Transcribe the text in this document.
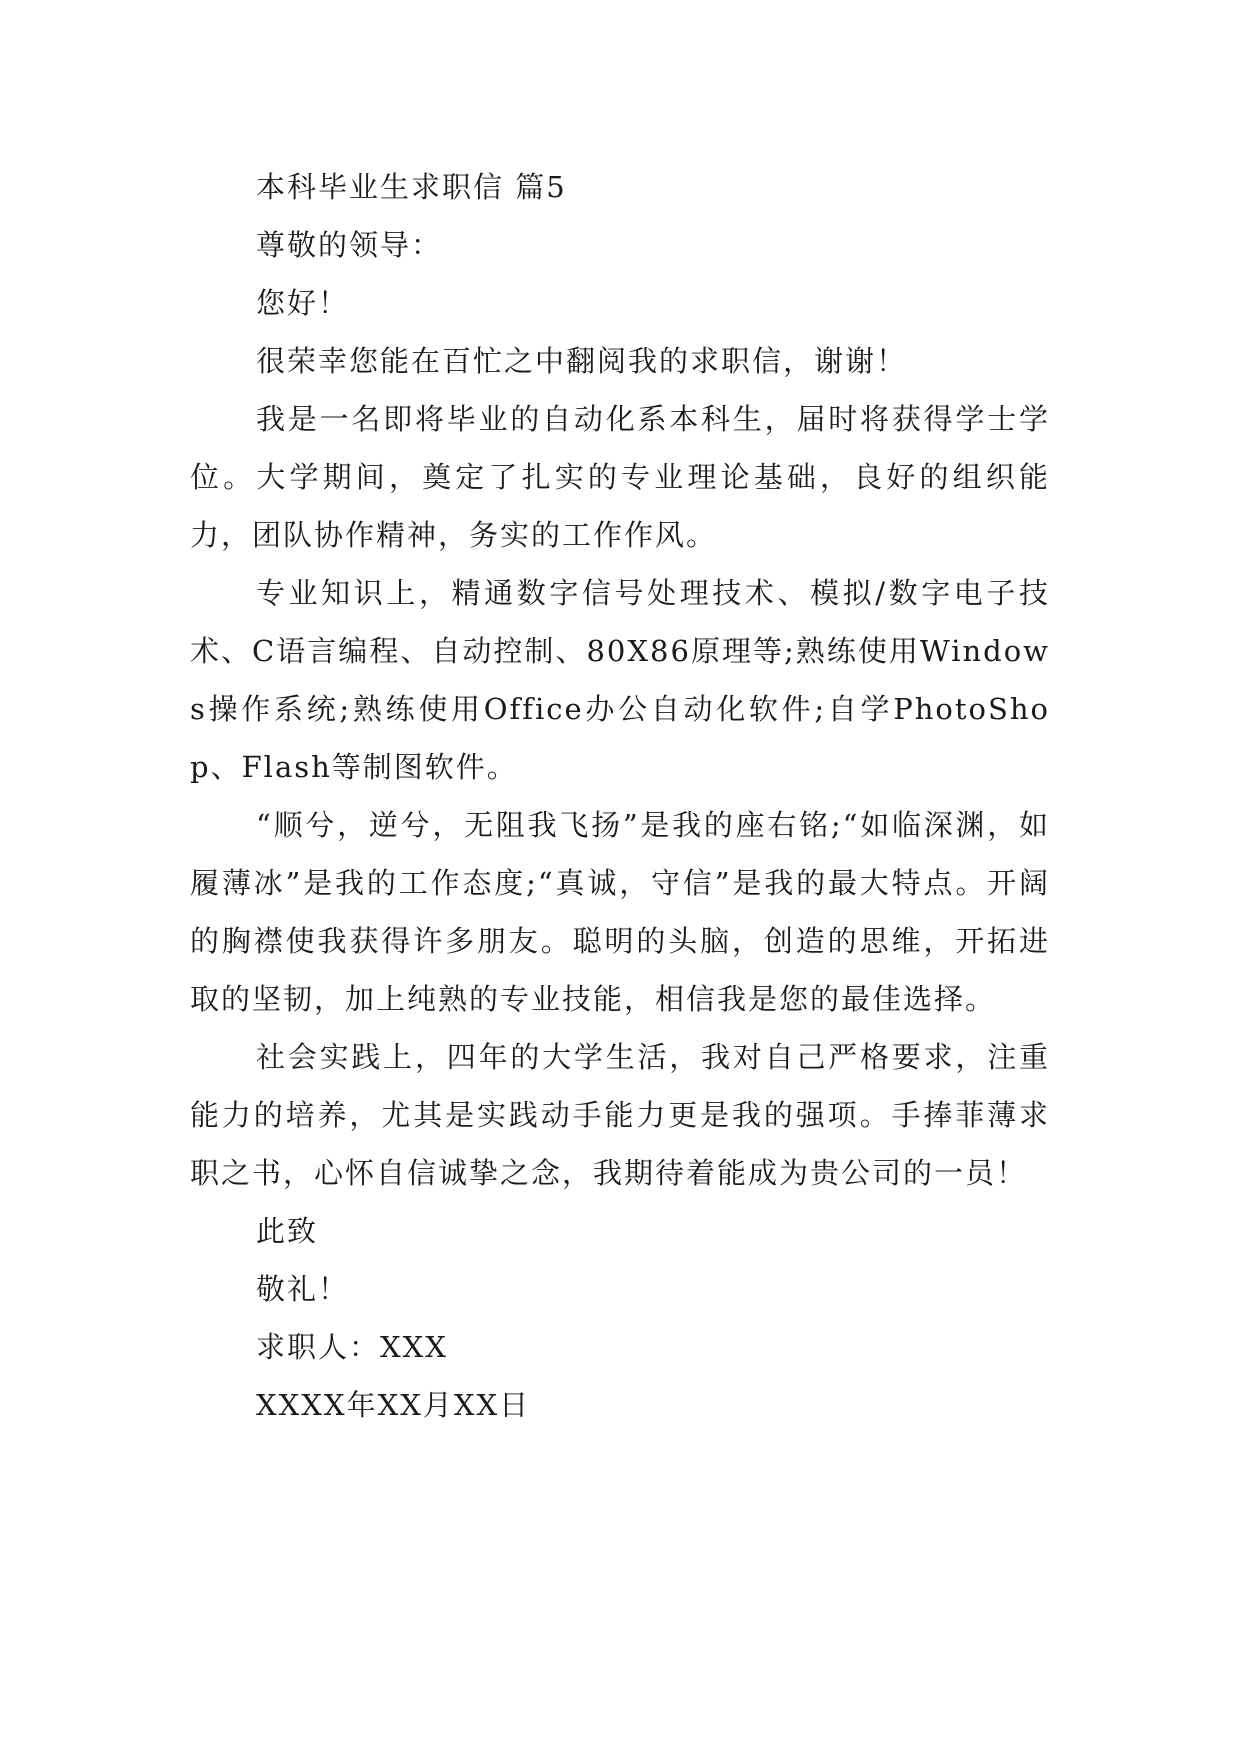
本科毕业生求职信 篇5

尊敬的领导：

您好！

很荣幸您能在百忙之中翻阅我的求职信，谢谢！

我是一名即将毕业的自动化系本科生，届时将获得学士学位。大学期间，奠定了扎实的专业理论基础，良好的组织能力，团队协作精神，务实的工作作风。

专业知识上，精通数字信号处理技术、模拟/数字电子技术、C语言编程、自动控制、80X86原理等;熟练使用Windows操作系统;熟练使用Office办公自动化软件;自学PhotoShop、Flash等制图软件。

“顺兮，逆兮，无阻我飞扬”是我的座右铭;“如临深渊，如履薄冰”是我的工作态度;“真诚，守信”是我的最大特点。开阔的胸襟使我获得许多朋友。聪明的头脑，创造的思维，开拓进取的坚韧，加上纯熟的专业技能，相信我是您的最佳选择。

社会实践上，四年的大学生活，我对自己严格要求，注重能力的培养，尤其是实践动手能力更是我的强项。手捧菲薄求职之书，心怀自信诚挚之念，我期待着能成为贵公司的一员！

此致

敬礼！

求职人：XXX

XXXX年XX月XX日
